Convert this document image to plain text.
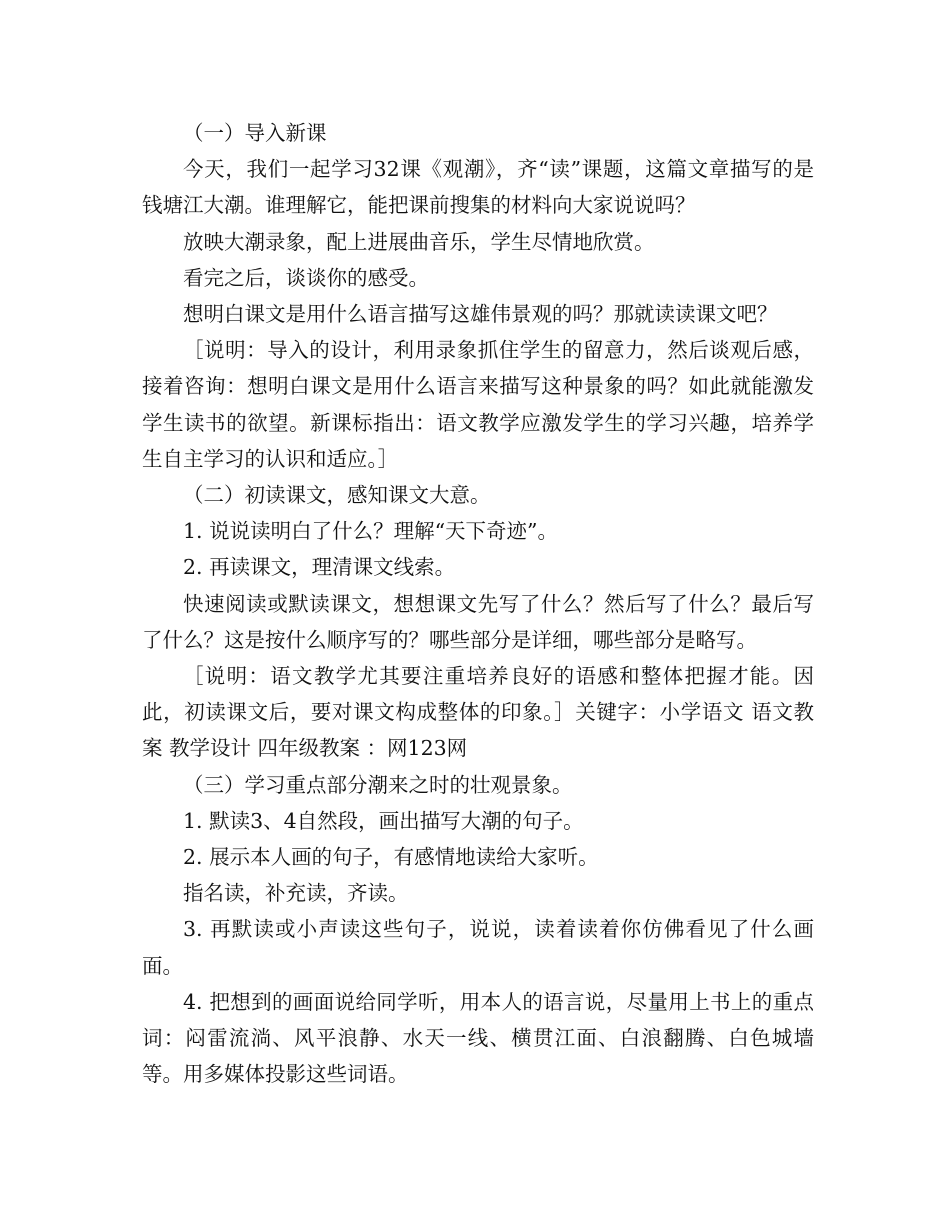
（一）导入新课

今天，我们一起学习32课《观潮》，齐“读”课题，这篇文章描写的是钱塘江大潮。谁理解它，能把课前搜集的材料向大家说说吗？

放映大潮录象，配上进展曲音乐，学生尽情地欣赏。

看完之后，谈谈你的感受。

想明白课文是用什么语言描写这雄伟景观的吗？那就读读课文吧？

［说明：导入的设计，利用录象抓住学生的留意力，然后谈观后感，接着咨询：想明白课文是用什么语言来描写这种景象的吗？如此就能激发学生读书的欲望。新课标指出：语文教学应激发学生的学习兴趣，培养学生自主学习的认识和适应。］

（二）初读课文，感知课文大意。

1. 说说读明白了什么？理解“天下奇迹”。

2. 再读课文，理清课文线索。

快速阅读或默读课文，想想课文先写了什么？然后写了什么？最后写了什么？这是按什么顺序写的？哪些部分是详细，哪些部分是略写。

［说明：语文教学尤其要注重培养良好的语感和整体把握才能。因此，初读课文后，要对课文构成整体的印象。］关键字：小学语文 语文教案 教学设计 四年级教案 ：网123网

（三）学习重点部分潮来之时的壮观景象。

1. 默读3、4自然段，画出描写大潮的句子。

2. 展示本人画的句子，有感情地读给大家听。

指名读，补充读，齐读。

3. 再默读或小声读这些句子，说说，读着读着你仿佛看见了什么画面。

4. 把想到的画面说给同学听，用本人的语言说，尽量用上书上的重点词：闷雷流淌、风平浪静、水天一线、横贯江面、白浪翻腾、白色城墙等。用多媒体投影这些词语。
